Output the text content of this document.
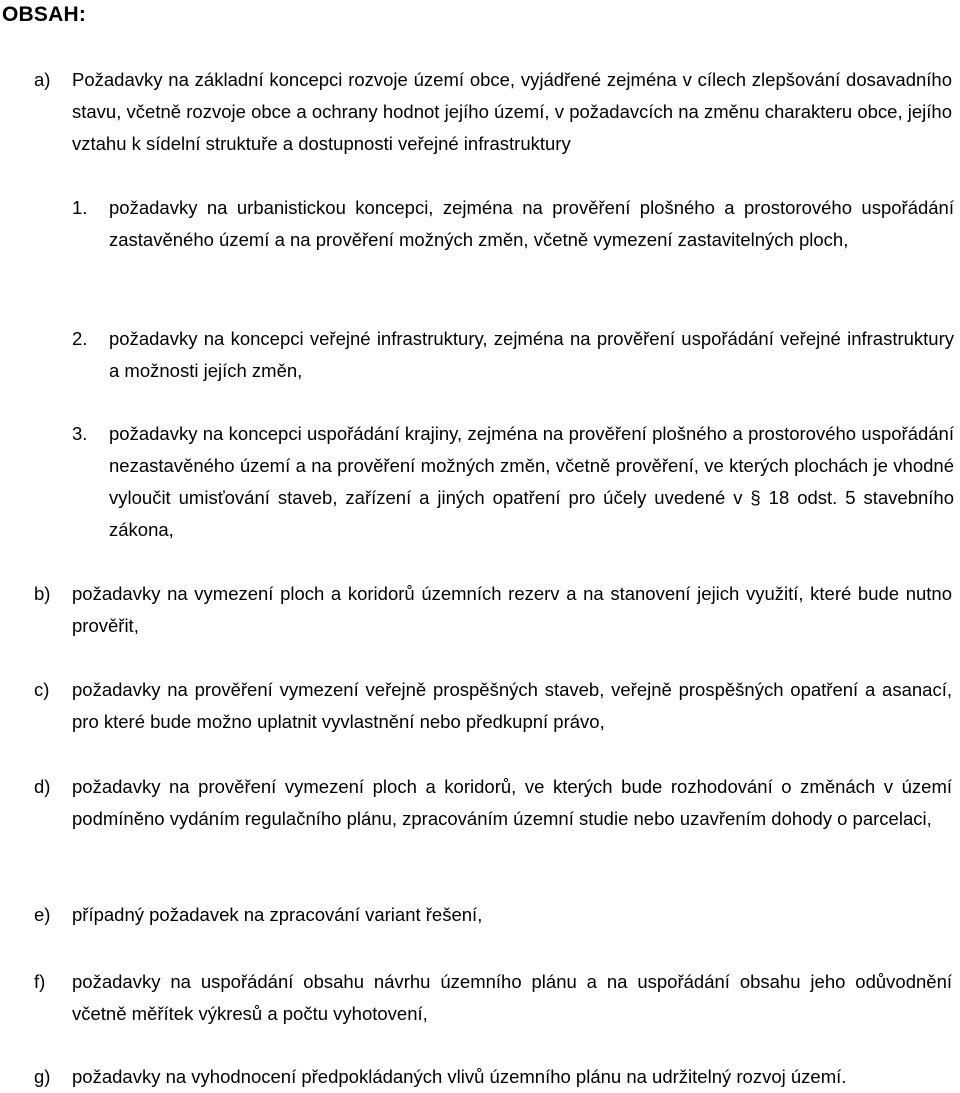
OBSAH:
a) Požadavky na základní koncepci rozvoje území obce, vyjádřené zejména v cílech zlepšování dosavadního stavu, včetně rozvoje obce a ochrany hodnot jejího území, v požadavcích na změnu charakteru obce, jejího vztahu k sídelní struktuře a dostupnosti veřejné infrastruktury
1. požadavky na urbanistickou koncepci, zejména na prověření plošného a prostorového uspořádání zastavěného území a na prověření možných změn, včetně vymezení zastavitelných ploch,
2. požadavky na koncepci veřejné infrastruktury, zejména na prověření uspořádání veřejné infrastruktury a možnosti jejích změn,
3. požadavky na koncepci uspořádání krajiny, zejména na prověření plošného a prostorového uspořádání nezastavěného území a na prověření možných změn, včetně prověření, ve kterých plochách je vhodné vyloučit umisťování staveb, zařízení a jiných opatření pro účely uvedené v § 18 odst. 5 stavebního zákona,
b) požadavky na vymezení ploch a koridorů územních rezerv a na stanovení jejich využití, které bude nutno prověřit,
c) požadavky na prověření vymezení veřejně prospěšných staveb, veřejně prospěšných opatření a asanací, pro které bude možno uplatnit vyvlastnění nebo předkupní právo,
d) požadavky na prověření vymezení ploch a koridorů, ve kterých bude rozhodování o změnách v území podmíněno vydáním regulačního plánu, zpracováním územní studie nebo uzavřením dohody o parcelaci,
e) případný požadavek na zpracování variant řešení,
f) požadavky na uspořádání obsahu návrhu územního plánu a na uspořádání obsahu jeho odůvodnění včetně měřítek výkresů a počtu vyhotovení,
g) požadavky na vyhodnocení předpokládaných vlivů územního plánu na udržitelný rozvoj území.
